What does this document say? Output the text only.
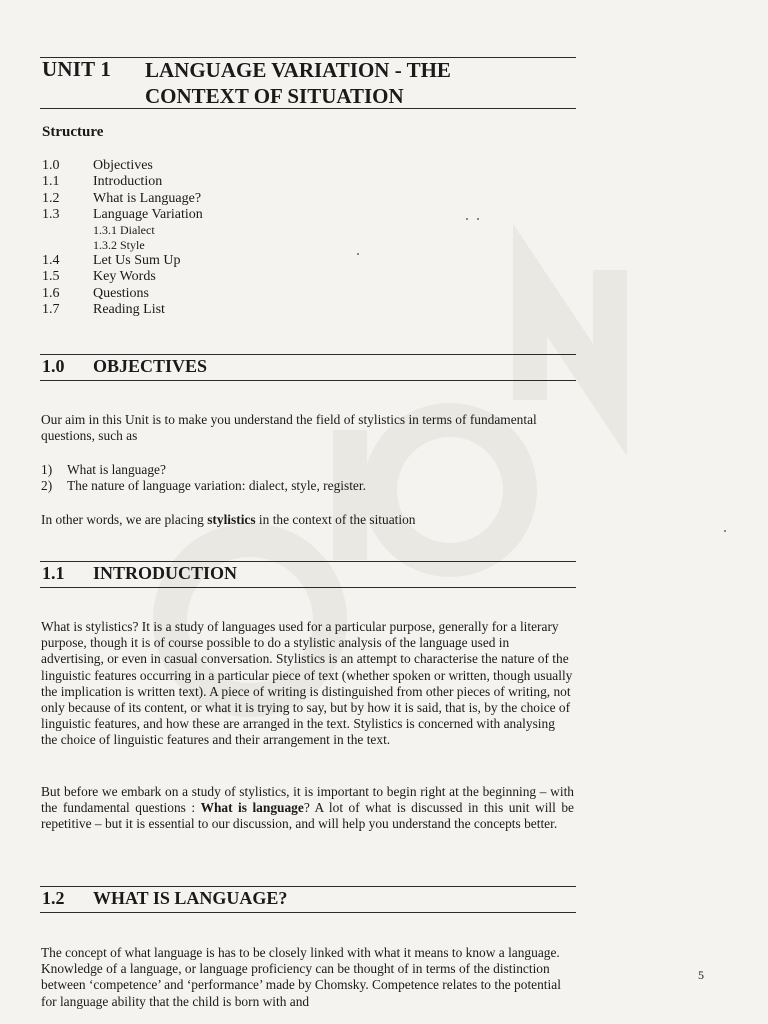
UNIT 1 LANGUAGE VARIATION - THE
CONTEXT OF SITUATION
Structure
1.0	Objectives
1.1	Introduction
1.2	What is Language?
1.3	Language Variation
1.3.1 Dialect
1.3.2 Style
1.4	Let Us Sum Up
1.5	Key Words
1.6	Questions
1.7	Reading List
1.0	OBJECTIVES
Our aim in this Unit is to make you understand the field of stylistics in terms of fundamental questions, such as
1)	What is language?
2)	The nature of language variation: dialect, style, register.
In other words, we are placing stylistics in the context of the situation
1.1	INTRODUCTION
What is stylistics? It is a study of languages used for a particular purpose, generally for a literary purpose, though it is of course possible to do a stylistic analysis of the language used in advertising, or even in casual conversation. Stylistics is an attempt to characterise the nature of the linguistic features occurring in a particular piece of text (whether spoken or written, though usually the implication is written text). A piece of writing is distinguished from other pieces of writing, not only because of its content, or what it is trying to say, but by how it is said, that is, by the choice of linguistic features, and how these are arranged in the text. Stylistics is concerned with analysing the choice of linguistic features and their arrangement in the text.
But before we embark on a study of stylistics, it is important to begin right at the beginning – with the fundamental questions : What is language? A lot of what is discussed in this unit will be repetitive – but it is essential to our discussion, and will help you understand the concepts better.
1.2	WHAT IS LANGUAGE?
The concept of what language is has to be closely linked with what it means to know a language. Knowledge of a language, or language proficiency can be thought of in terms of the distinction between ‘competence’ and ‘performance’ made by Chomsky. Competence relates to the potential for language ability that the child is born with and
5
